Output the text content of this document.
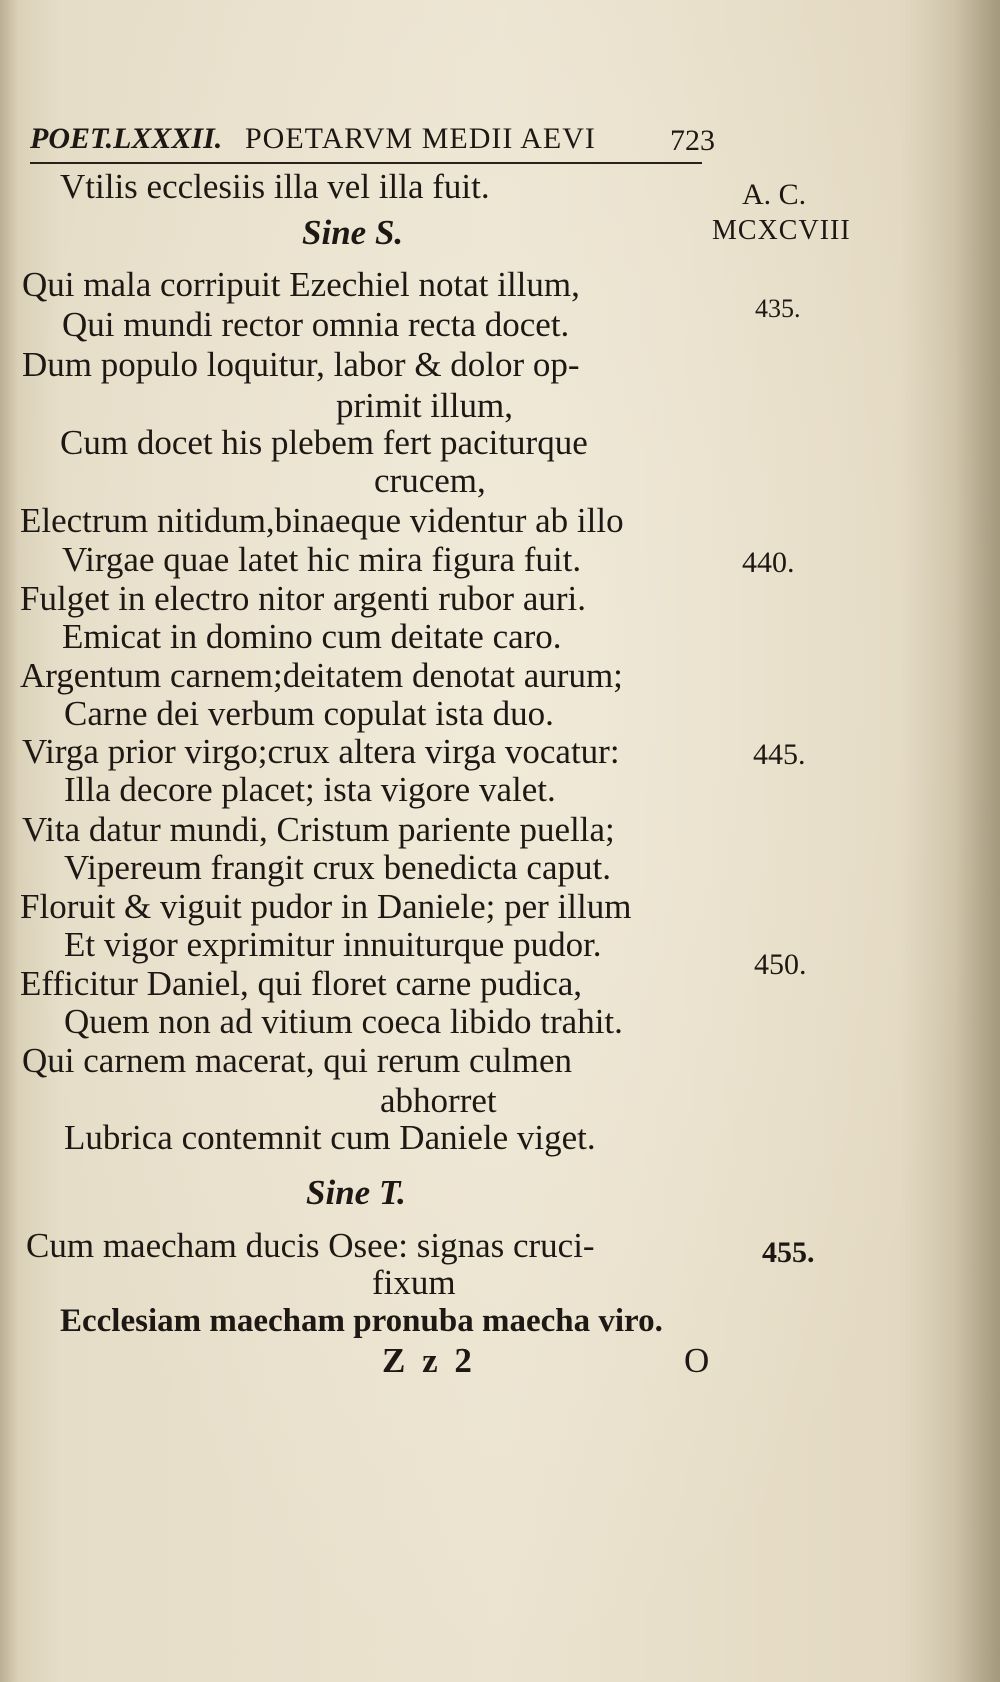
POET.LXXXII. POETARVM MEDII AEVI 723
A. C.
MCXCVIII
435.
440.
445.
450.
455.
Vtilis ecclesiis illa vel illa fuit.
Sine S.
Qui mala corripuit Ezechiel notat illum,
Qui mundi rector omnia recta docet.
Dum populo loquitur, labor & dolor op-
primit illum,
Cum docet his plebem fert paciturque
crucem,
Electrum nitidum,binaeque videntur ab illo
Virgae quae latet hic mira figura fuit.
Fulget in electro nitor argenti rubor auri.
Emicat in domino cum deitate caro.
Argentum carnem;deitatem denotat aurum;
Carne dei verbum copulat ista duo.
Virga prior virgo;crux altera virga vocatur:
Illa decore placet; ista vigore valet.
Vita datur mundi, Cristum pariente puella;
Vipereum frangit crux benedicta caput.
Floruit & viguit pudor in Daniele; per illum
Et vigor exprimitur innuiturque pudor.
Efficitur Daniel, qui floret carne pudica,
Quem non ad vitium coeca libido trahit.
Qui carnem macerat, qui rerum culmen
abhorret
Lubrica contemnit cum Daniele viget.
Sine T.
Cum maecham ducis Osee: signas cruci-
fixum
Ecclesiam maecham pronuba maecha viro.
Z z 2	O
